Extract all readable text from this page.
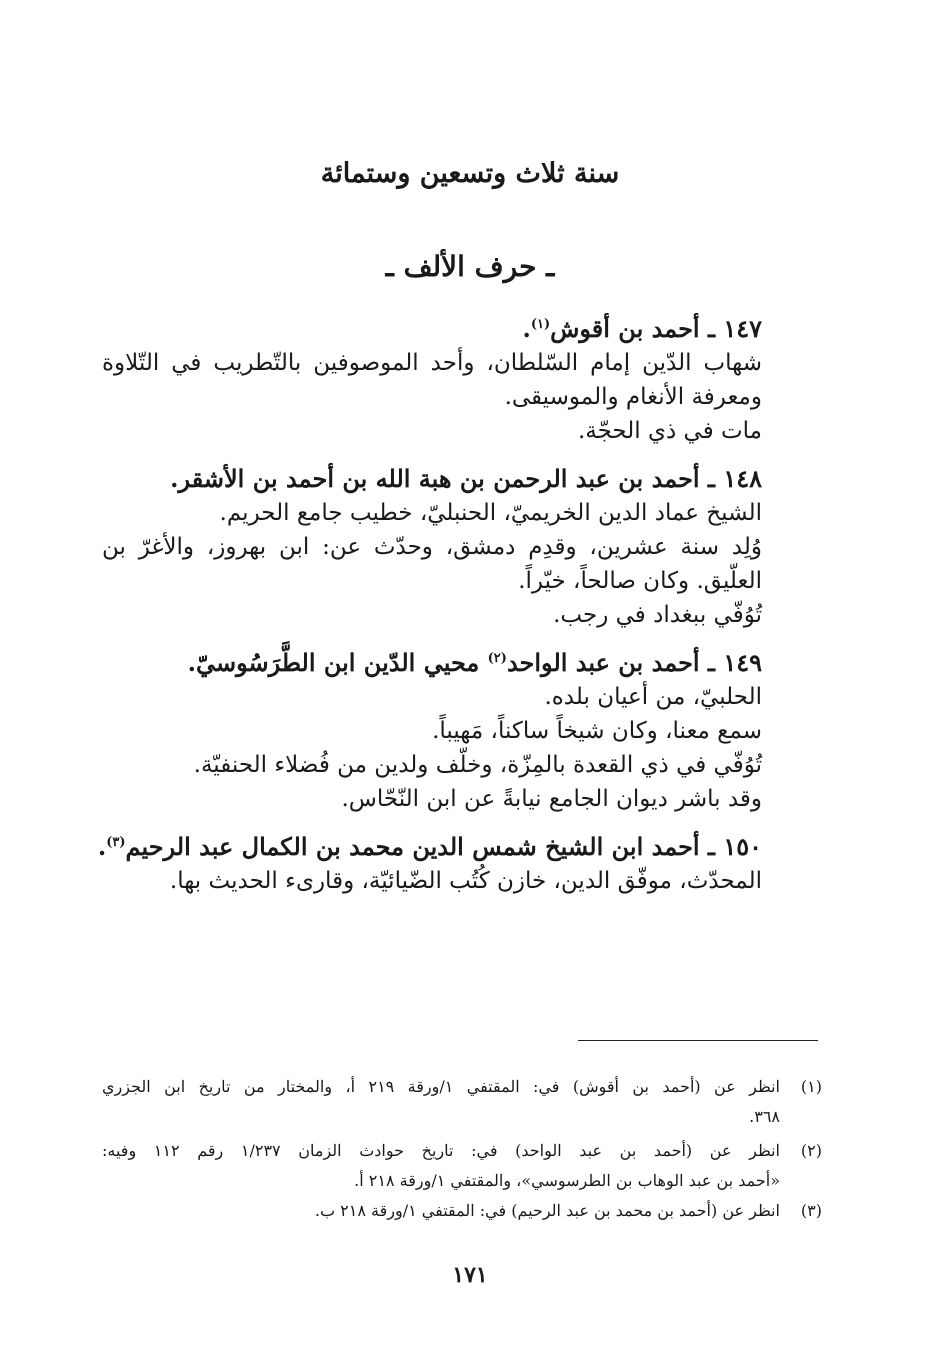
سنة ثلاث وتسعين وستمائة
ـ حرف الألف ـ
١٤٧ ـ أحمد بن أقوش$^{(١)}$.
شهاب الدّين إمام السّلطان، وأحد الموصوفين بالتّطريب في التّلاوة
ومعرفة الأنغام والموسيقى.
مات في ذي الحجّة.
١٤٨ ـ أحمد بن عبد الرحمن بن هبة الله بن أحمد بن الأشقر.
الشيخ عماد الدين الخريميّ، الحنبليّ، خطيب جامع الحريم.
وُلِد سنة عشرين، وقدِم دمشق، وحدّث عن: ابن بهروز، والأغرّ بن
العلّيق. وكان صالحاً، خيّراً.
تُوُفّي ببغداد في رجب.
١٤٩ ـ أحمد بن عبد الواحد$^{(٢)}$ محيي الدّين ابن الطَّرَسُوسيّ.
الحلبيّ، من أعيان بلده.
سمع معنا، وكان شيخاً ساكناً، مَهيباً.
تُوُفّي في ذي القعدة بالمِزّة، وخلّف ولدين من فُضلاء الحنفيّة.
وقد باشر ديوان الجامع نيابةً عن ابن النّحّاس.
١٥٠ ـ أحمد ابن الشيخ شمس الدين محمد بن الكمال عبد الرحيم$^{(٣)}$.
المحدّث، موفّق الدين، خازن كُتُب الضّيائيّة، وقارىء الحديث بها.
(١)
انظر عن (أحمد بن أقوش) في: المقتفي ١/ورقة ٢١٩ أ، والمختار من تاريخ ابن الجزري
٣٦٨.
(٢)
انظر عن (أحمد بن عبد الواحد) في: تاريخ حوادث الزمان ١/٢٣٧ رقم ١١٢ وفيه:
«أحمد بن عبد الوهاب بن الطرسوسي»، والمقتفي ١/ورقة ٢١٨ أ.
(٣)
انظر عن (أحمد بن محمد بن عبد الرحيم) في: المقتفي ١/ورقة ٢١٨ ب.
١٧١
